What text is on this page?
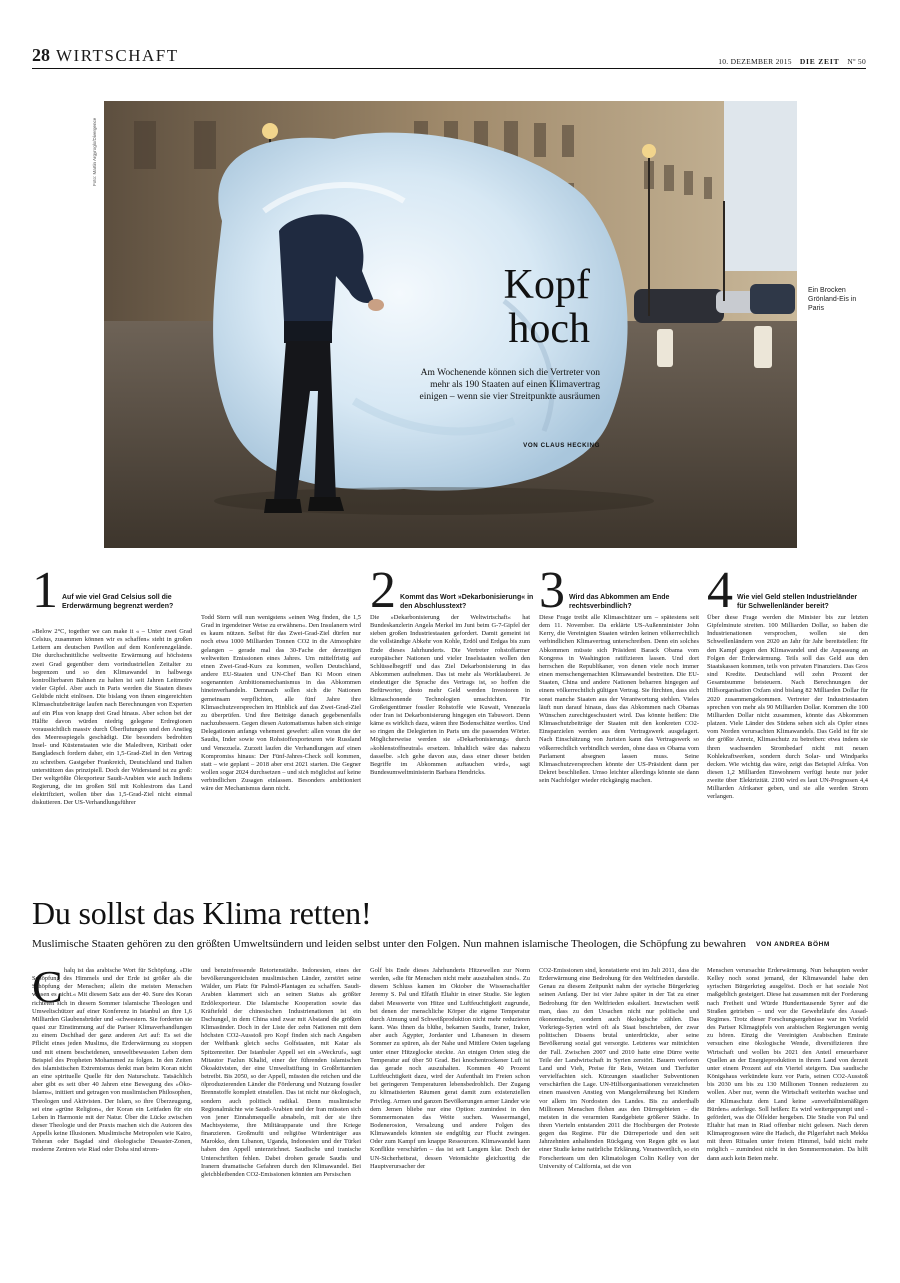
28 WIRTSCHAFT	10. DEZEMBER 2015 DIE ZEIT Nº 50
Foto: Martin Argyroglo/Divergence
Kopf
hoch
Am Wochenende können sich die Vertreter von mehr als 190 Staaten auf einen Klimavertrag einigen – wenn sie vier Streitpunkte ausräumen
VON CLAUS HECKING
Ein Brocken Grönland-Eis in Paris
1 Auf wie viel Grad Celsius soll die Erderwärmung begrenzt werden?	2 Kommt das Wort »Dekarbonisierung« in den Abschlusstext?	3 Wird das Abkommen am Ende rechtsverbindlich?	4 Wie viel Geld stellen Industrieländer für Schwellenländer bereit?
»Below 2°C, together we can make it « – Unter zwei Grad Celsius, zusammen können wir es schaffen« steht in großen Lettern am deutschen Pavillon auf dem Konferenzgelände. Die durchschnittliche weltweite Erwärmung auf höchstens zwei Grad gegenüber dem vorindustriellen Zeitalter zu begrenzen und so den Klimawandel in halbwegs kontrollierbaren Bahnen zu halten ist seit Jahren Leitmotiv vieler Gipfel. Aber auch in Paris werden die Staaten dieses Gelübde nicht einlösen. Die bislang von ihnen eingereichten Klimaschutzbeiträge laufen nach Berechnungen von Experten auf ein Plus von knapp drei Grad hinaus. Aber schon bei der Hälfte davon würden niedrig gelegene Erdregionen voraussichtlich massiv durch Überflutungen und den Anstieg des Meeresspiegels geschädigt. Die besonders bedrohten Insel- und Küstenstaaten wie die Malediven, Kiribati oder Bangladesch fordern daher, ein 1,5-Grad-Ziel in den Vertrag zu schreiben. Gastgeber Frankreich, Deutschland und Italien unterstützen das prinzipiell. Doch der Widerstand ist zu groß: Der weltgrößte Ölexporteur Saudi-Arabien wie auch Indiens Regierung, die im großen Stil mit Kohlestrom das Land elektrifiziert, wollen über das 1,5-Grad-Ziel nicht einmal diskutieren. Der US-Verhandlungsführer
Todd Stern will nun wenigstens »einen Weg finden, die 1,5 Grad in irgendeiner Weise zu erwähnen«. Den Insulanern wird es kaum nützen. Selbst für das Zwei-Grad-Ziel dürfen nur noch etwa 1000 Milliarden Tonnen CO2 in die Atmosphäre gelangen – gerade mal das 30-Fache der derzeitigen weltweiten Emissionen eines Jahres. Um mittelfristig auf einen Zwei-Grad-Kurs zu kommen, wollen Deutschland, andere EU-Staaten und UN-Chef Ban Ki Moon einen sogenannten Ambitionsmechanismus in das Abkommen hineinverhandeln. Demnach sollen sich die Nationen gemeinsam verpflichten, alle fünf Jahre ihre Klimaschutzversprechen im Hinblick auf das Zwei-Grad-Ziel zu überprüfen. Und ihre Beiträge danach gegebenenfalls nachzubessern. Gegen diesen Automatismus haben sich einige Delegationen anfangs vehement gewehrt: allen voran die der Saudis, Inder sowie von Rohstoffexporteuren wie Russland und Venezuela. Zurzeit laufen die Verhandlungen auf einen Kompromiss hinaus: Der Fünf-Jahres-Check soll kommen, statt – wie geplant – 2018 aber erst 2021 starten. Die Gegner wollen sogar 2024 durchsetzen – und sich möglichst auf keine verbindlichen Zusagen einlassen. Besonders ambitioniert wäre der Mechanismus dann nicht.
Die »Dekarbonisierung der Weltwirtschaft« hat Bundeskanzlerin Angela Merkel im Juni beim G-7-Gipfel der sieben großen Industriestaaten gefordert. Damit gemeint ist die vollständige Abkehr von Kohle, Erdöl und Erdgas bis zum Ende dieses Jahrhunderts. Die Vertreter rohstoffarmer europäischer Nationen und vieler Inselstaaten wollen den Schlüsselbegriff und das Ziel Dekarbonisierung in das Abkommen aufnehmen. Das ist mehr als Wortklauberei. Je eindeutiger die Sprache des Vertrags ist, so hoffen die Befürworter, desto mehr Geld werden Investoren in klimaschonende Technologien umschichten. Für Großeigentümer fossiler Rohstoffe wie Kuwait, Venezuela oder Iran ist Dekarbonisierung hingegen ein Tabuwort. Denn käme es wirklich dazu, wären ihre Bodenschätze wertlos. Und so ringen die Delegierten in Paris um die passenden Wörter. Möglicherweise werden sie »Dekarbonisierung« durch »kohlenstoffneutral« ersetzen. Inhaltlich wäre das nahezu dasselbe. »Ich gehe davon aus, dass einer dieser beiden Begriffe im Abkommen auftauchen wird«, sagt Bundesumweltministerin Barbara Hendricks.
Diese Frage treibt alle Klimaschützer um – spätestens seit dem 11. November. Da erklärte US-Außenminister John Kerry, die Vereinigten Staaten würden keinen völkerrechtlich verbindlichen Klimavertrag unterschreiben. Denn ein solches Abkommen müsste sich Präsident Barack Obama vom Kongress in Washington ratifizieren lassen. Und dort herrschen die Republikaner, von denen viele noch immer einen menschengemachten Klimawandel bestreiten. Die EU-Staaten, China und andere Nationen beharren hingegen auf einem völkerrechtlich gültigen Vertrag. Sie fürchten, dass sich sonst manche Staaten aus der Verantwortung stehlen. Vieles läuft nun darauf hinaus, dass das Abkommen nach Obamas Wünschen zurechtgeschustert wird. Das könnte heißen: Die Klimaschutzbeiträge der Staaten mit den konkreten CO2-Einsparzielen werden aus dem Vertragswerk ausgelagert. Nach Einschätzung von Juristen kann das Vertragswerk so völkerrechtlich verbindlich werden, ohne dass es Obama vom Parlament absegnen lassen muss. Seine Klimaschutzversprechen könnte der US-Präsident dann per Dekret beschließen. Umso leichter allerdings könnte sie dann sein Nachfolger wieder rückgängig machen.
Über diese Frage werden die Minister bis zur letzten Gipfelminute streiten. 100 Milliarden Dollar, so haben die Industrienationen versprochen, wollen sie den Schwellenländern von 2020 an Jahr für Jahr bereitstellen: für den Kampf gegen den Klimawandel und die Anpassung an Folgen der Erderwärmung. Teils soll das Geld aus den Staatskassen kommen, teils von privaten Finanziers. Das Gros sind Kredite. Deutschland will zehn Prozent der Gesamtsumme beisteuern. Nach Berechnungen der Hilfsorganisation Oxfam sind bislang 82 Milliarden Dollar für 2020 zusammengekommen. Vertreter der Industriestaaten sprechen von mehr als 90 Milliarden Dollar. Kommen die 100 Milliarden Dollar nicht zusammen, könnte das Abkommen platzen. Viele Länder des Südens sehen sich als Opfer eines vom Norden verursachten Klimawandels. Das Geld ist für sie der größte Anreiz, Klimaschutz zu betreiben: etwa indem sie ihren wachsenden Strombedarf nicht mit neuen Kohlekraftwerken, sondern durch Solar- und Windparks decken. Wie wichtig das wäre, zeigt das Beispiel Afrika. Von diesen 1,2 Milliarden Einwohnern verfügt heute nur jeder zweite über Elektrizität. 2100 wird es laut UN-Prognosen 4,4 Milliarden Afrikaner geben, und sie alle werden Strom verlangen.
Du sollst das Klima retten!
Muslimische Staaten gehören zu den größten Umweltsündern und leiden selbst unter den Folgen. Nun mahnen islamische Theologen, die Schöpfung zu bewahren VON ANDREA BÖHM
C halq ist das arabische Wort für Schöpfung. »Die Schöpfung des Himmels und der Erde ist größer als die Schöpfung der Menschen; allein die meisten Menschen wissen es nicht.« Mit diesem Satz aus der 40. Sure des Koran richteten sich in diesem Sommer islamische Theologen und Umweltschützer auf einer Konferenz in Istanbul an ihre 1,6 Milliarden Glaubensbrüder und -schwestern. Sie forderten sie quasi zur Einstimmung auf die Pariser Klimaverhandlungen zu einem Dschihad der ganz anderen Art auf: Es sei die Pflicht eines jeden Muslims, die Erderwärmung zu stoppen und mit einem bescheidenen, umweltbewussten Leben dem Beispiel des Propheten Mohammed zu folgen. In den Zeiten des islamistischen Extremismus denkt man beim Koran nicht an eine spirituelle Quelle für den Naturschutz. Tatsächlich aber gibt es seit über 40 Jahren eine Bewegung des »Öko-Islams«, initiiert und getragen von muslimischen Philosophen, Theologen und Aktivisten. Der Islam, so ihre Überzeugung, sei eine »grüne Religion«, der Koran ein Leitfaden für ein Leben in Harmonie mit der Natur. Über die Lücke zwischen dieser Theologie und der Praxis machen sich die Autoren des Appells keine Illusionen. Muslimische Metropolen wie Kairo, Teheran oder Bagdad sind ökologische Desaster-Zonen, moderne Zentren wie Riad oder Doha sind strom-
und benzinfressende Retortenstädte. Indonesien, eines der bevölkerungsreichsten muslimischen Länder, zerstört seine Wälder, um Platz für Palmöl-Plantagen zu schaffen. Saudi-Arabien klammert sich an seinen Status als größter Erdölexporteur. Die Islamische Kooperation sowie das Kräftefeld der chinesischen Industrienationen ist ein Dschungel, in dem China sind zwar mit Abstand die größten Klimasünder. Doch in der Liste der zehn Nationen mit dem höchsten CO2-Ausstoß pro Kopf finden sich nach Angaben der Weltbank gleich sechs Golfstaaten, mit Katar als Spitzenreiter. Der Istanbuler Appell sei ein »Weckruf«, sagt Mitautor Fazlun Khalid, einer der führenden islamischen Ökoaktivisten, der eine Umweltstiftung in Großbritannien betreibt. Bis 2050, so der Appell, müssten die reichen und die ölproduzierenden Länder die Förderung und Nutzung fossiler Brennstoffe komplett einstellen. Das ist nicht nur ökologisch, sondern auch politisch radikal. Denn muslimische Regionalmächte wie Saudi-Arabien und der Iran müssten sich von jener Einnahmequelle abnabeln, mit der sie ihre Machtsysteme, ihre Militärapparate und ihre Kriege finanzieren. Großmufti und religiöse Würdenträger aus Marokko, dem Libanon, Uganda, Indonesien und der Türkei haben den Appell unterzeichnet. Saudische und iranische Unterschriften fehlen. Dabei drohen gerade Saudis und Iranern dramatische Gefahren durch den Klimawandel. Bei gleichbleibenden CO2-Emissionen könnten am Persischen
Golf bis Ende dieses Jahrhunderts Hitzewellen zur Norm werden, »die für Menschen nicht mehr auszuhalten sind«. Zu diesem Schluss kamen im Oktober die Wissenschaftler Jeremy S. Pal und Elfatih Eltahir in einer Studie. Sie legten dabei Messwerte von Hitze und Luftfeuchtigkeit zugrunde, bei denen der menschliche Körper die eigene Temperatur durch Atmung und Schweißproduktion nicht mehr reduzieren kann. Was ihnen da blühe, bekamen Saudis, Iraner, Iraker, aber auch Ägypter, Jordanier und Libanesen in diesem Sommer zu spüren, als der Nahe und Mittlere Osten tagelang unter einer Hitzeglocke steckte. An einigen Orten stieg die Temperatur auf über 50 Grad. Bei knochentrockener Luft ist das gerade noch auszuhalten. Kommen 40 Prozent Luftfeuchtigkeit dazu, wird der Aufenthalt im Freien schon bei geringeren Temperaturen lebensbedrohlich. Der Zugang zu klimatisierten Räumen gerat damit zum existenziellen Privileg. Armen und ganzen Bevölkerungen armer Länder wie dem Jemen bliebe nur eine Option: zumindest in den Sommermonaten das Weite suchen. Wassermangel, Bodenerosion, Versalzung und andere Folgen des Klimawandels könnten sie endgültig zur Flucht zwingen. Oder zum Kampf um knappe Ressourcen. Klimawandel kann Konflikte verschärfen – das ist seit Langem klar. Doch der UN-Sicherheitsrat, dessen Vetomächte gleichzeitig die Hauptverursacher der
CO2-Emissionen sind, konstatierte erst im Juli 2011, dass die Erderwärmung eine Bedrohung für den Weltfrieden darstelle. Genau zu diesem Zeitpunkt nahm der syrische Bürgerkrieg seinen Anfang. Der ist vier Jahre später in der Tat zu einer Bedrohung für den Weltfrieden eskaliert. Inzwischen weiß man, dass zu den Ursachen nicht nur politische und ökonomische, sondern auch ökologische zählen. Das Vorkriegs-Syrien wird oft als Staat beschrieben, der zwar politischen Dissens brutal unterdrückte, aber seine Bevölkerung sozial gut versorgte. Letzteres war mitnichten der Fall. Zwischen 2007 und 2010 hatte eine Dürre weite Teile der Landwirtschaft in Syrien zerstört. Bauern verloren Land und Vieh, Preise für Reis, Weizen und Tierfutter vervielfachten sich. Kürzungen staatlicher Subventionen verschärften die Lage. UN-Hilfsorganisationen verzeichneten einen massiven Anstieg von Mangelernährung bei Kindern vor allem im Nordosten des Landes. Bis zu anderthalb Millionen Menschen flohen aus den Dürregebieten – die meisten in die verarmten Randgebiete größerer Städte. In ihren Vierteln entstanden 2011 die Hochburgen der Proteste gegen das Regime. Für die Dürreperiode und den seit Jahrzehnten anhaltenden Rückgang von Regen gibt es laut einer Studie keine natürliche Erklärung. Verantwortlich, so ein Forscherteam um den Klimatologen Colin Kelley von der University of California, sei die von
Menschen verursachte Erderwärmung. Nun behaupten weder Kelley noch sonst jemand, der Klimawandel habe den syrischen Bürgerkrieg ausgelöst. Doch er hat soziale Not maßgeblich gesteigert. Diese hat zusammen mit der Forderung nach Freiheit und Würde Hunderttausende Syrer auf die Straßen getrieben – und vor die Gewehrläufe des Assad-Regimes. Trotz dieser Forschungsergebnisse war im Vorfeld des Pariser Klimagipfels von arabischen Regierungen wenig zu hören. Einzig die Vereinigten Arabischen Emirate versuchen eine ökologische Wende, diversifizieren ihre Wirtschaft und wollen bis 2021 den Anteil erneuerbarer Quellen an der Energieproduktion in ihrem Land von derzeit unter einem Prozent auf ein Viertel steigern. Das saudische Königshaus verkündete kurz vor Paris, seinen CO2-Ausstoß bis 2030 um bis zu 130 Millionen Tonnen reduzieren zu wollen. Aber nur, wenn die Wirtschaft weiterhin wachse und der Klimaschutz dem Land keine »unverhältnismäßigen Bürden« auferlege. Soll heißen: Es wird weitergepumpt und -gefördert, was die Ölfelder hergeben. Die Studie von Pal und Eltahir hat man in Riad offenbar nicht gelesen. Nach deren Klimaprognosen wäre die Hadsch, die Pilgerfahrt nach Mekka mit ihren Ritualen unter freiem Himmel, bald nicht mehr möglich – zumindest nicht in den Sommermonaten. Da hilft dann auch kein Beten mehr.
